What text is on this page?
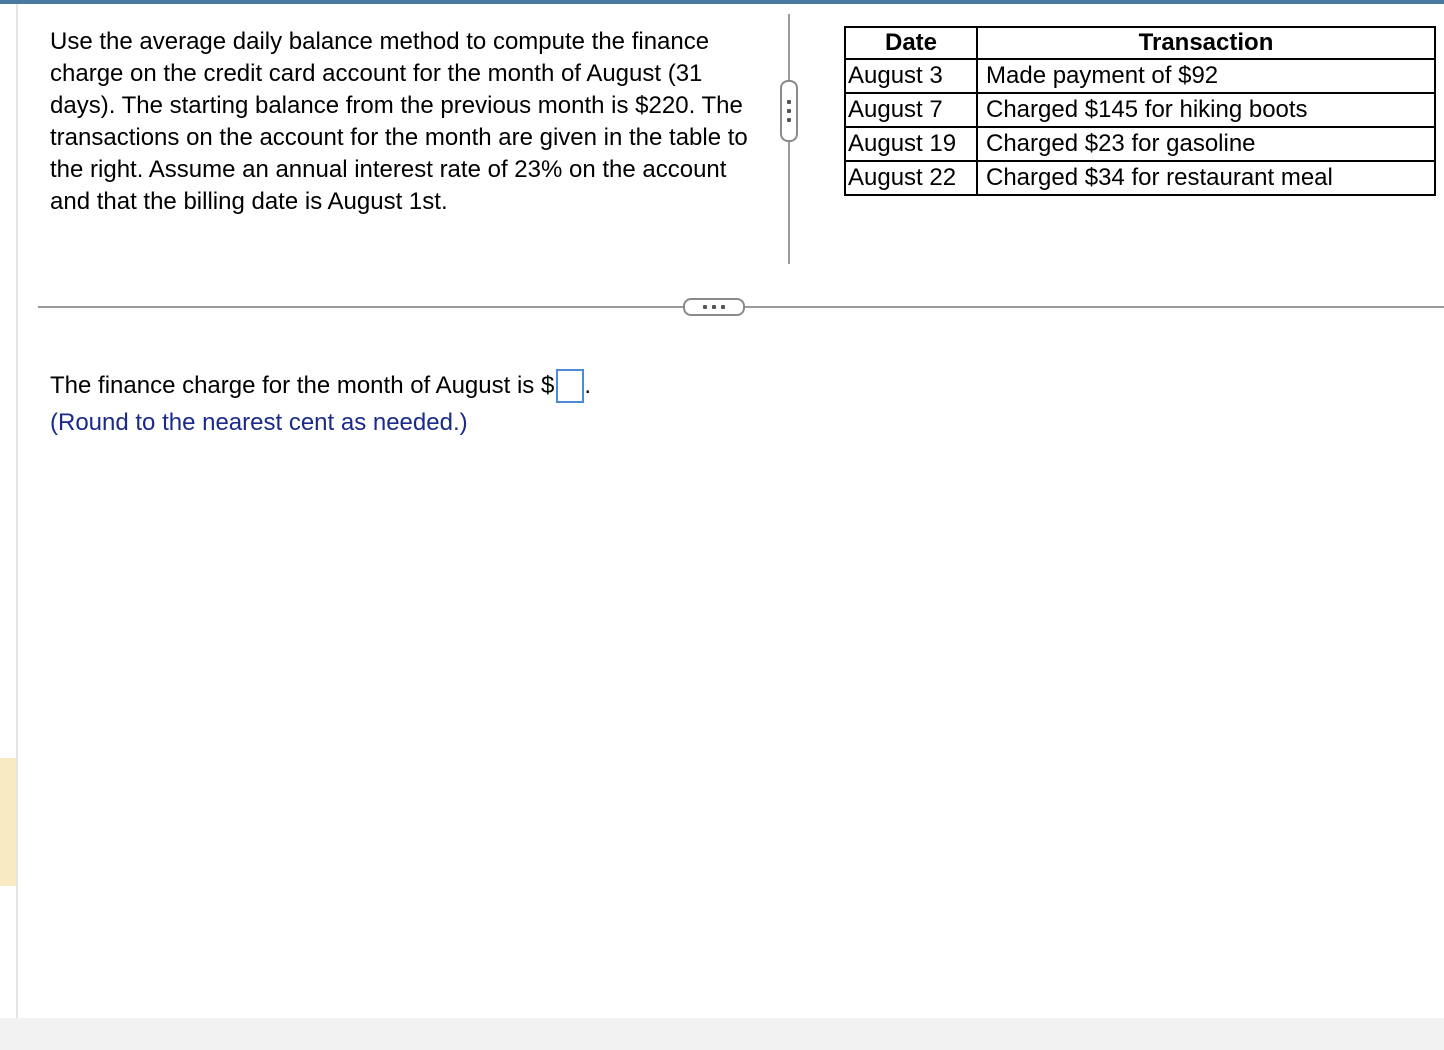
Use the average daily balance method to compute the finance charge on the credit card account for the month of August (31 days). The starting balance from the previous month is $220. The transactions on the account for the month are given in the table to the right. Assume an annual interest rate of 23% on the account and that the billing date is August 1st.
Date	Transaction
August 3	Made payment of $92
August 7	Charged $145 for hiking boots
August 19	Charged $23 for gasoline
August 22	Charged $34 for restaurant meal
The finance charge for the month of August is $ .
(Round to the nearest cent as needed.)
